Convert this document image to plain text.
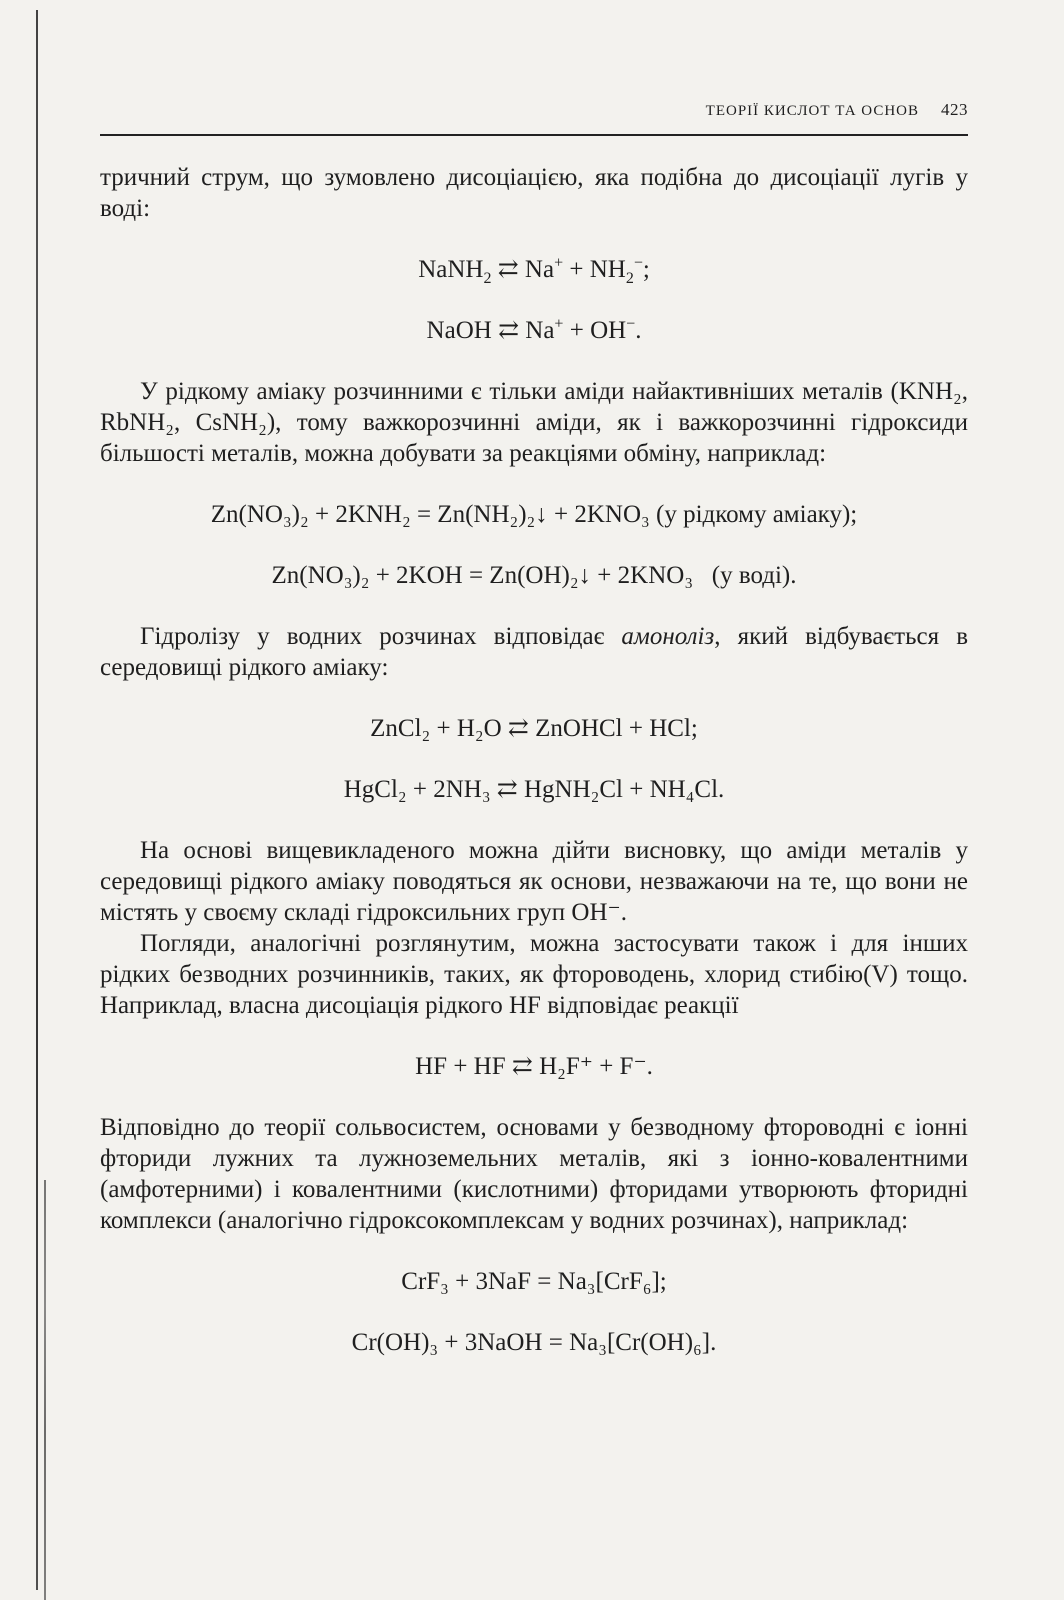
ТЕОРІЇ КИСЛОТ ТА ОСНОВ 423

тричний струм, що зумовлено дисоціацією, яка подібна до дисоціації лугів у воді:

NaNH$_2$ ⇄ $Na^+ + NH_2^-$;
NaOH ⇄ Na+ + OH−.

У рідкому аміаку розчинними є тільки аміди найактивніших металів (KNH₂, RbNH₂, CsNH₂), тому важкорозчинні аміди, як і важкорозчинні гідроксиди більшості металів, можна добувати за реакціями обміну, наприклад:

Zn(NO₃)₂ + 2KNH₂ = Zn(NH₂)₂↓ + 2KNO₃ (у рідкому аміаку);
Zn(NO₃)₂ + 2KOH = Zn(OH)₂↓ + 2KNO₃   (у воді).

Гідролізу у водних розчинах відповідає амоноліз, який відбувається в середовищі рідкого аміаку:

ZnCl₂ + H₂O ⇄ ZnOHCl + HCl;
HgCl₂ + 2NH₃ ⇄ HgNH₂Cl + NH₄Cl.

На основі вищевикладеного можна дійти висновку, що аміди металів у середовищі рідкого аміаку поводяться як основи, незважаючи на те, що вони не містять у своєму складі гідроксильних груп OH⁻.

Погляди, аналогічні розглянутим, можна застосувати також і для інших рідких безводних розчинників, таких, як фтороводень, хлорид стибію(V) тощо. Наприклад, власна дисоціація рідкого HF відповідає реакції

HF + HF ⇄ H₂F⁺ + F⁻.

Відповідно до теорії сольвосистем, основами у безводному фтороводні є іонні фториди лужних та лужноземельних металів, які з іонно-ковалентними (амфотерними) і ковалентними (кислотними) фторидами утворюють фторидні комплекси (аналогічно гідроксокомплексам у водних розчинах), наприклад:

CrF₃ + 3NaF = Na₃[CrF₆];
Cr(OH)₃ + 3NaOH = Na₃[Cr(OH)₆].
